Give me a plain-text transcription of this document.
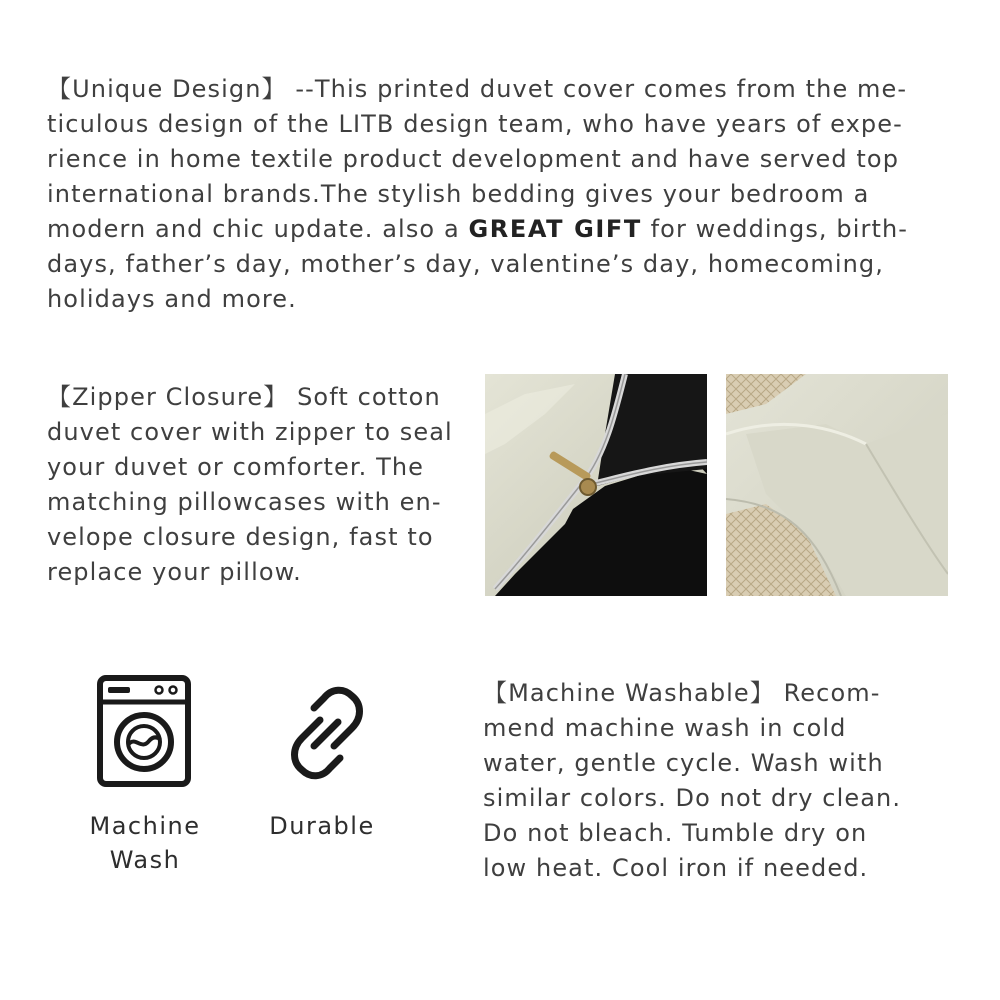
【Unique Design】 --This printed duvet cover comes from the me-
ticulous design of the LITB design team, who have years of expe-
rience in home textile product development and have served top
international brands.The stylish bedding gives your bedroom a
modern and chic update. also a GREAT GIFT for weddings, birth-
days, father’s day, mother’s day, valentine’s day, homecoming,
holidays and more.

【Zipper Closure】 Soft cotton
duvet cover with zipper to seal
your duvet or comforter. The
matching pillowcases with en-
velope closure design, fast to
replace your pillow.

Machine
Wash
Durable

【Machine Washable】 Recom-
mend machine wash in cold
water, gentle cycle. Wash with
similar colors. Do not dry clean.
Do not bleach. Tumble dry on
low heat. Cool iron if needed.
